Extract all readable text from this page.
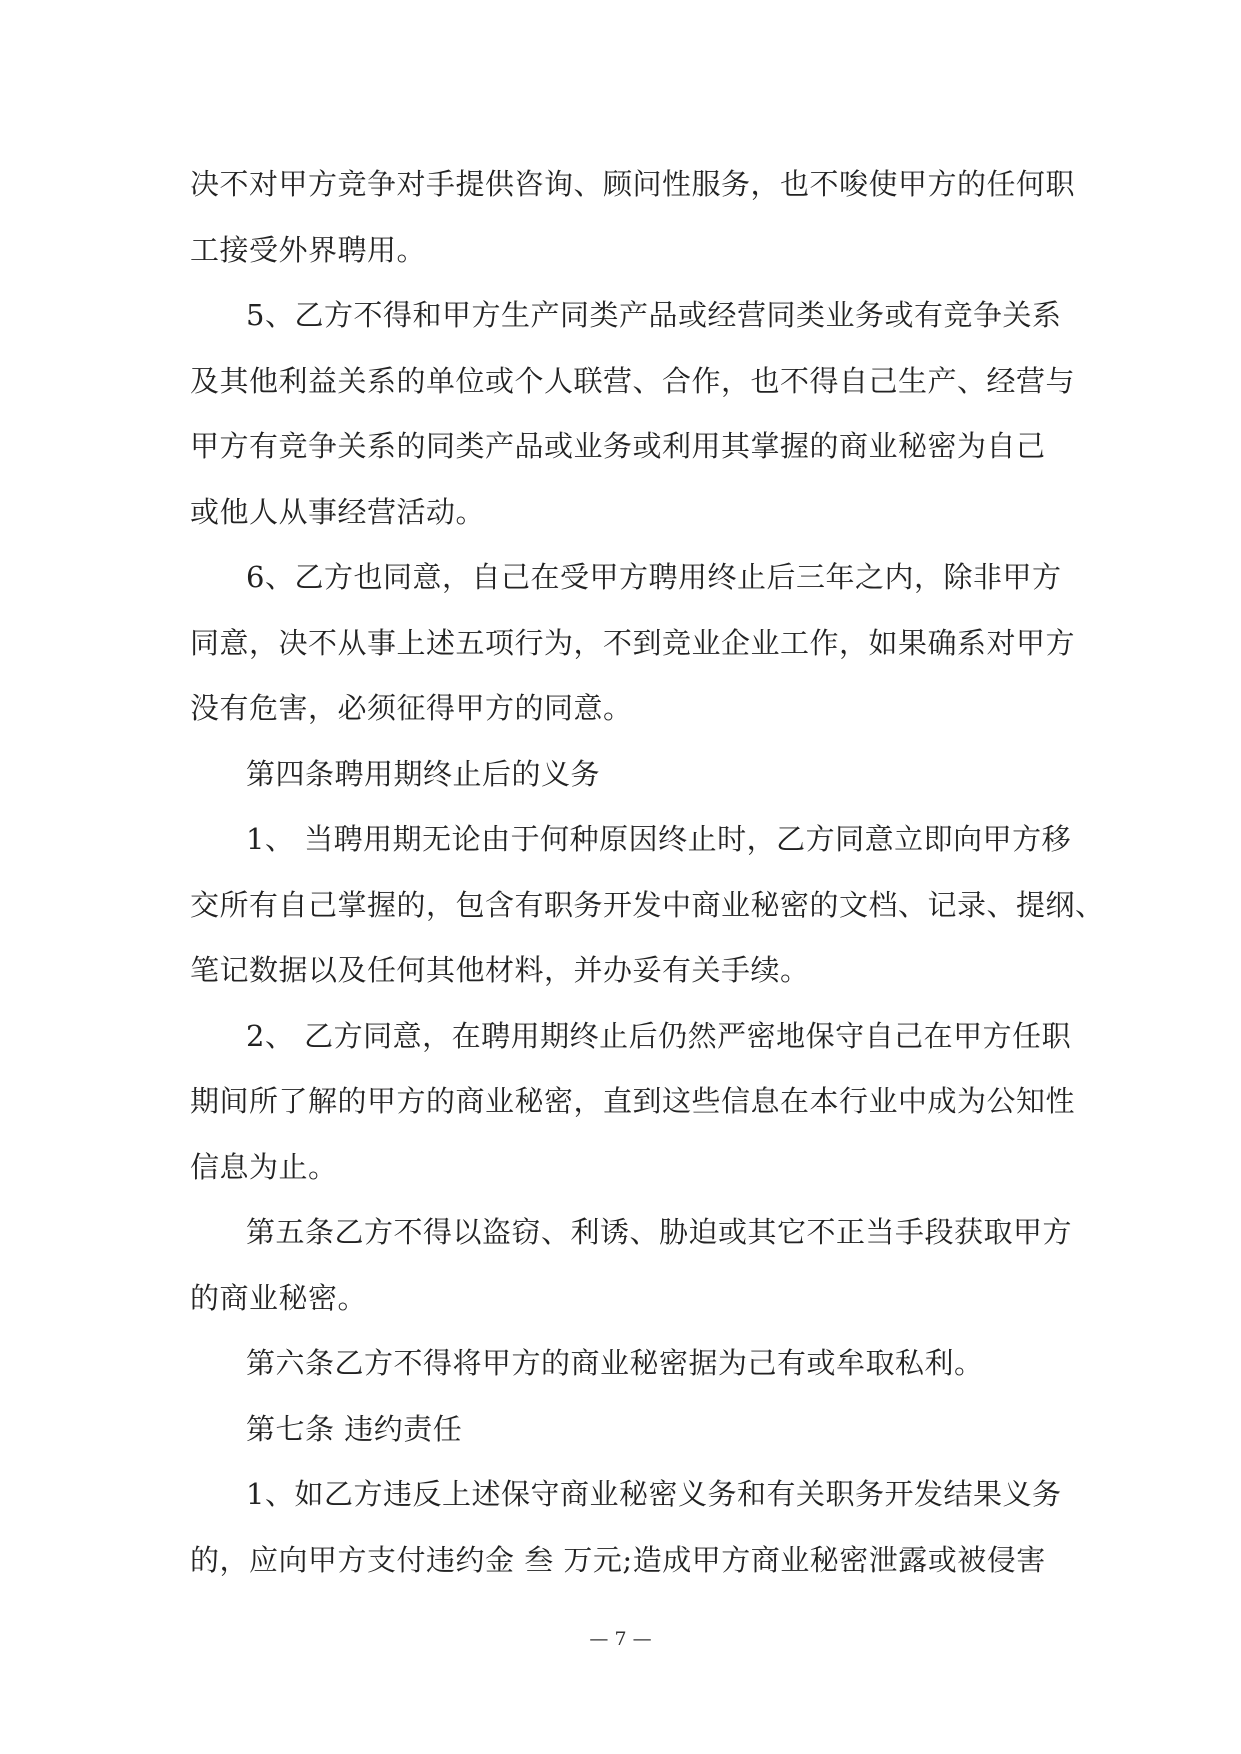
决不对甲方竞争对手提供咨询、顾问性服务，也不唆使甲方的任何职
工接受外界聘用。
5、乙方不得和甲方生产同类产品或经营同类业务或有竞争关系
及其他利益关系的单位或个人联营、合作，也不得自己生产、经营与
甲方有竞争关系的同类产品或业务或利用其掌握的商业秘密为自己
或他人从事经营活动。
6、乙方也同意，自己在受甲方聘用终止后三年之内，除非甲方
同意，决不从事上述五项行为，不到竞业企业工作，如果确系对甲方
没有危害，必须征得甲方的同意。
第四条聘用期终止后的义务
1、 当聘用期无论由于何种原因终止时，乙方同意立即向甲方移
交所有自己掌握的，包含有职务开发中商业秘密的文档、记录、提纲、
笔记数据以及任何其他材料，并办妥有关手续。
2、 乙方同意，在聘用期终止后仍然严密地保守自己在甲方任职
期间所了解的甲方的商业秘密，直到这些信息在本行业中成为公知性
信息为止。
第五条乙方不得以盗窃、利诱、胁迫或其它不正当手段获取甲方
的商业秘密。
第六条乙方不得将甲方的商业秘密据为己有或牟取私利。
第七条 违约责任
1、如乙方违反上述保守商业秘密义务和有关职务开发结果义务
的，应向甲方支付违约金 叁 万元;造成甲方商业秘密泄露或被侵害
— 7 —
